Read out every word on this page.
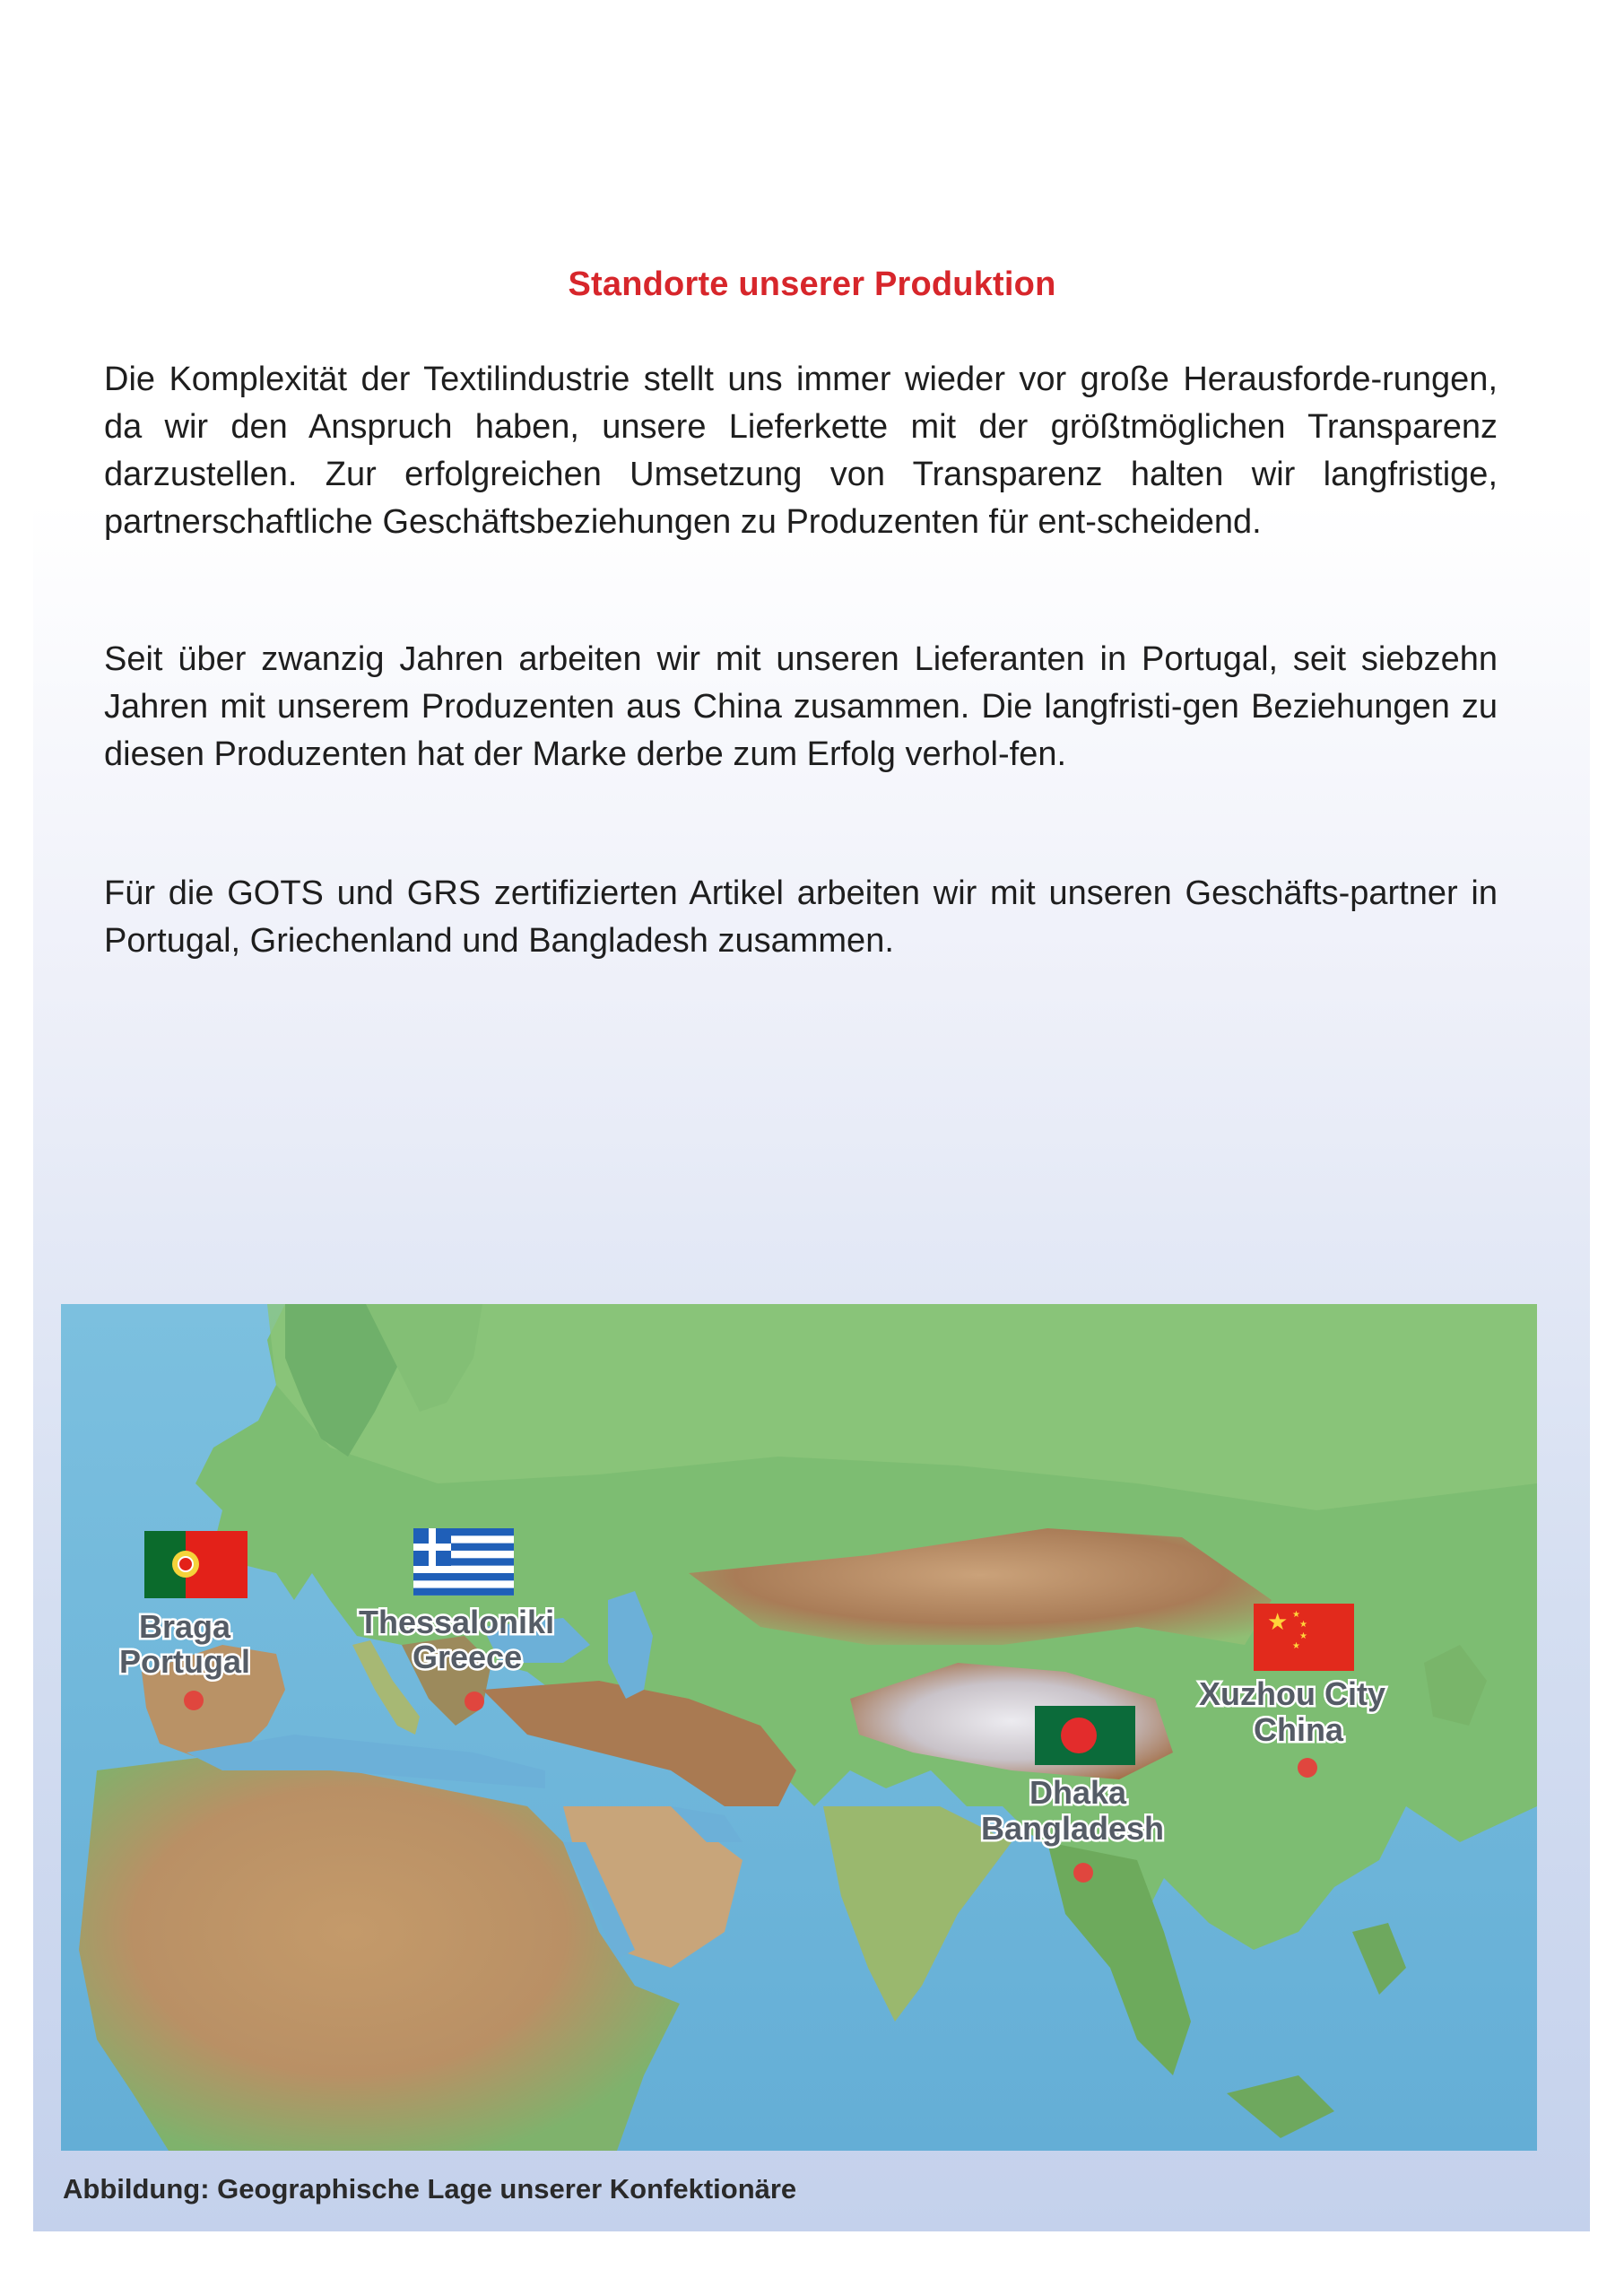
Standorte unserer Produktion

Die Komplexität der Textilindustrie stellt uns immer wieder vor große Herausforde-rungen, da wir den Anspruch haben, unsere Lieferkette mit der größtmöglichen Transparenz darzustellen. Zur erfolgreichen Umsetzung von Transparenz halten wir langfristige, partnerschaftliche Geschäftsbeziehungen zu Produzenten für ent-scheidend.

Seit über zwanzig Jahren arbeiten wir mit unseren Lieferanten in Portugal, seit siebzehn Jahren mit unserem Produzenten aus China zusammen. Die langfristi-gen Beziehungen zu diesen Produzenten hat der Marke derbe zum Erfolg verhol-fen.

Für die GOTS und GRS zertifizierten Artikel arbeiten wir mit unseren Geschäfts-partner in Portugal, Griechenland und Bangladesh zusammen.

★ ★
★
★
★
Braga
Portugal
Thessaloniki
Greece
Xuzhou City
China
Dhaka
Bangladesh
Abbildung: Geographische Lage unserer Konfektionäre
